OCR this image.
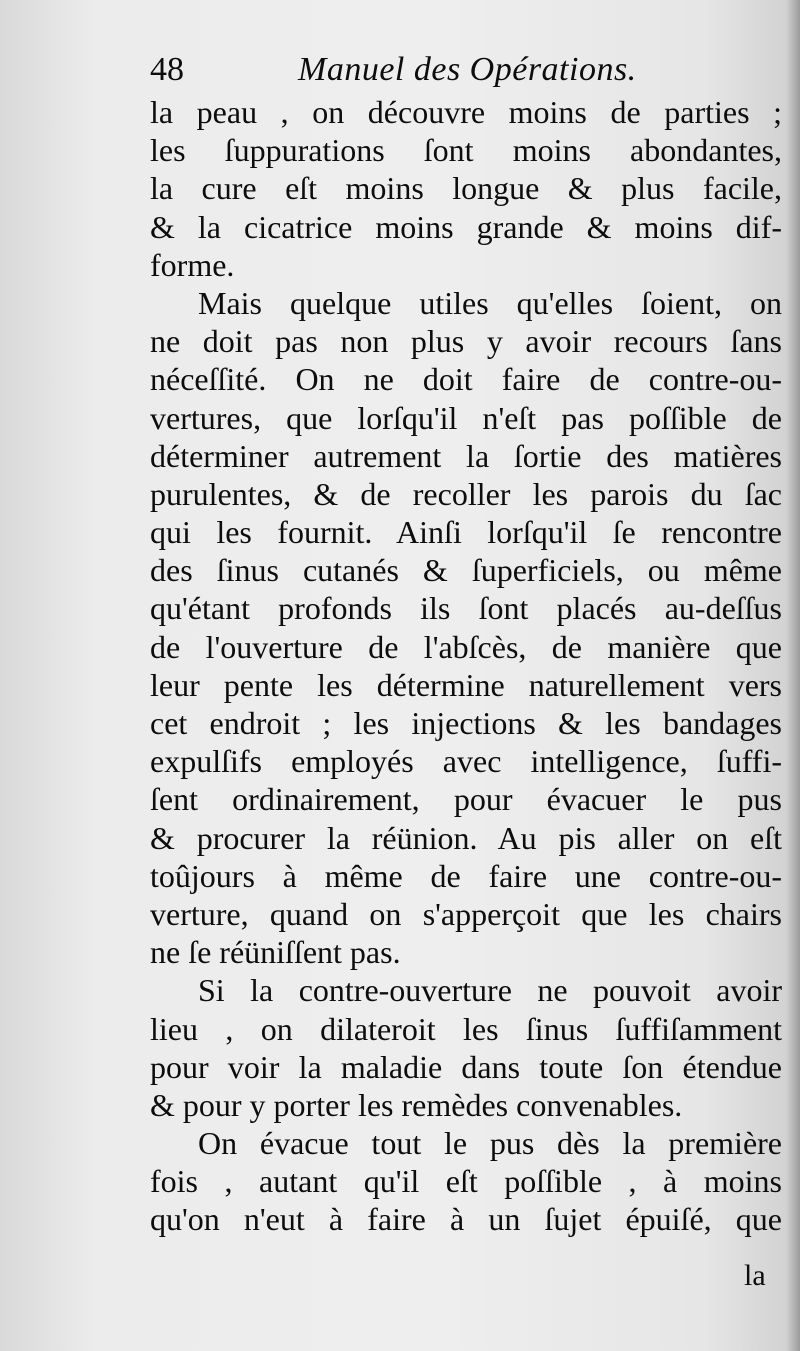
48	Manuel des Opérations.
la peau , on découvre moins de parties ;
les ſuppurations ſont moins abondantes,
la cure eſt moins longue & plus facile,
& la cicatrice moins grande & moins dif-
forme.
Mais quelque utiles qu'elles ſoient, on
ne doit pas non plus y avoir recours ſans
néceſſité. On ne doit faire de contre-ou-
vertures, que lorſqu'il n'eſt pas poſſible de
déterminer autrement la ſortie des matières
purulentes, & de recoller les parois du ſac
qui les fournit. Ainſi lorſqu'il ſe rencontre
des ſinus cutanés & ſuperficiels, ou même
qu'étant profonds ils ſont placés au-deſſus
de l'ouverture de l'abſcès, de manière que
leur pente les détermine naturellement vers
cet endroit ; les injections & les bandages
expulſifs employés avec intelligence, ſuffi-
ſent ordinairement, pour évacuer le pus
& procurer la réünion. Au pis aller on eſt
toûjours à même de faire une contre-ou-
verture, quand on s'apperçoit que les chairs
ne ſe réüniſſent pas.
Si la contre-ouverture ne pouvoit avoir
lieu , on dilateroit les ſinus ſuffiſamment
pour voir la maladie dans toute ſon étendue
& pour y porter les remèdes convenables.
On évacue tout le pus dès la première
fois , autant qu'il eſt poſſible , à moins
qu'on n'eut à faire à un ſujet épuiſé, que
la
